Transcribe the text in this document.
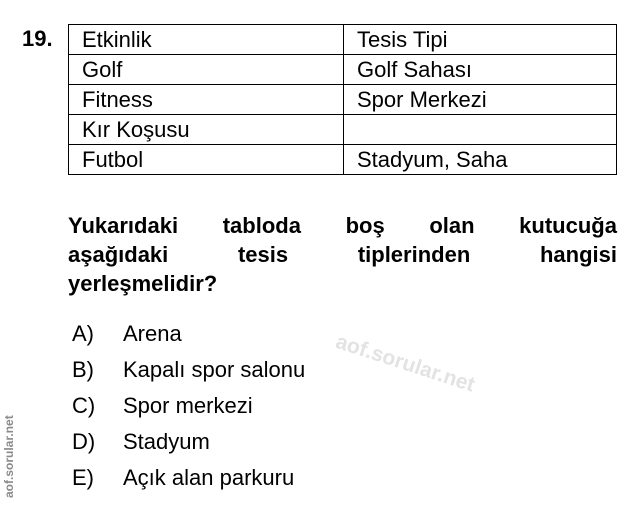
19. Etkinlik	Tesis Tipi
Golf	Golf Sahası
Fitness	Spor Merkezi
Kır Koşusu	
Futbol	Stadyum, Saha
Yukarıdaki tabloda boş olan kutucuğa
aşağıdaki	tesis	tiplerinden	hangisi
yerleşmelidir?
A) Arena
B) Kapalı spor salonu
C) Spor merkezi
D) Stadyum
E) Açık alan parkuru
aof.sorular.net
aof.sorular.net
